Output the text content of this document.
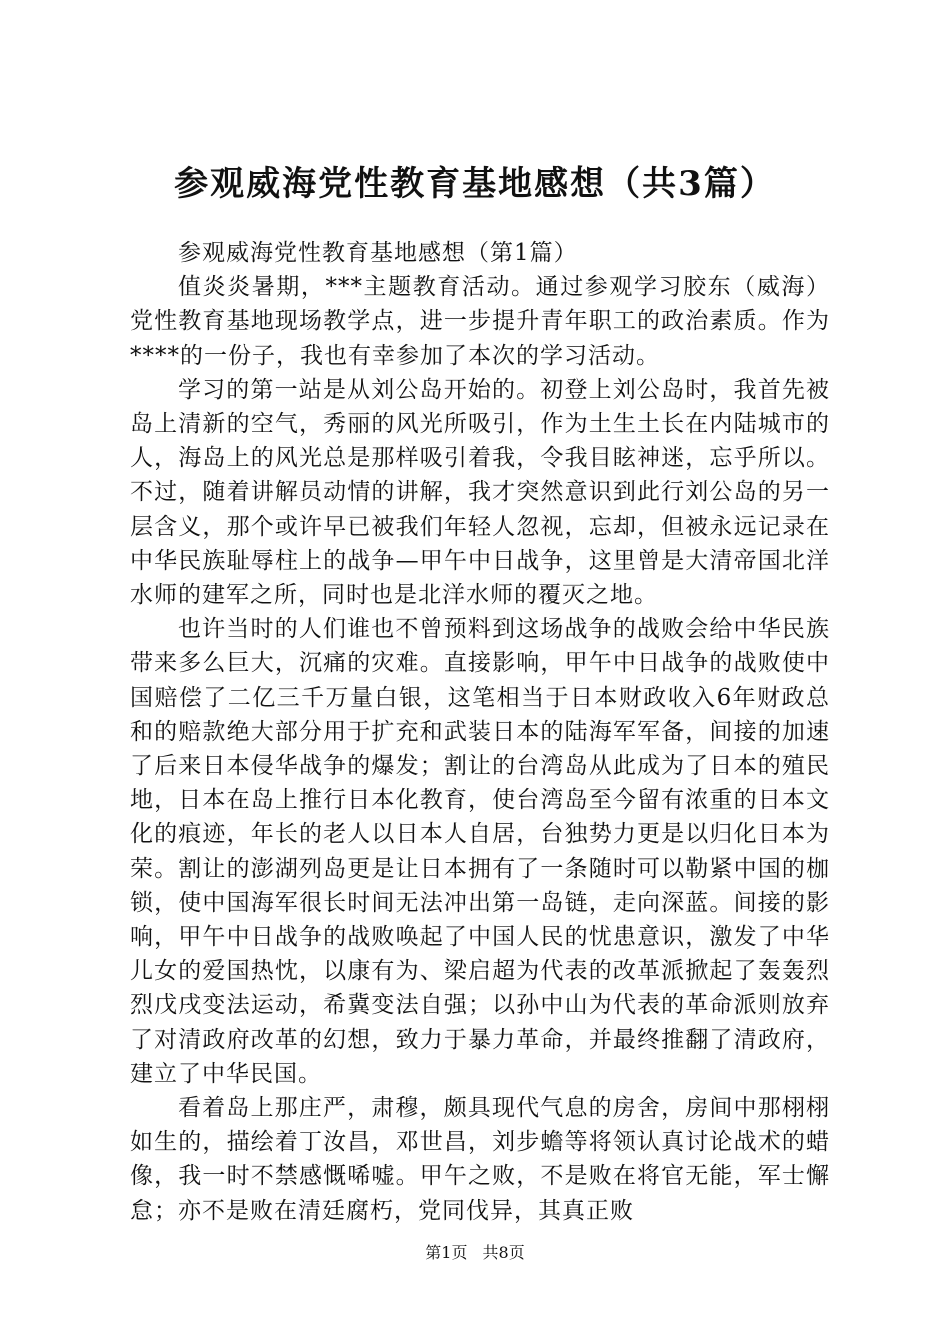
参观威海党性教育基地感想（共3篇）

参观威海党性教育基地感想（第1篇）

值炎炎暑期，***主题教育活动。通过参观学习胶东（威海）党性教育基地现场教学点，进一步提升青年职工的政治素质。作为****的一份子，我也有幸参加了本次的学习活动。

学习的第一站是从刘公岛开始的。初登上刘公岛时，我首先被岛上清新的空气，秀丽的风光所吸引，作为土生土长在内陆城市的人，海岛上的风光总是那样吸引着我，令我目眩神迷，忘乎所以。不过，随着讲解员动情的讲解，我才突然意识到此行刘公岛的另一层含义，那个或许早已被我们年轻人忽视，忘却，但被永远记录在中华民族耻辱柱上的战争—甲午中日战争，这里曾是大清帝国北洋水师的建军之所，同时也是北洋水师的覆灭之地。

也许当时的人们谁也不曾预料到这场战争的战败会给中华民族带来多么巨大，沉痛的灾难。直接影响，甲午中日战争的战败使中国赔偿了二亿三千万量白银，这笔相当于日本财政收入6年财政总和的赔款绝大部分用于扩充和武装日本的陆海军军备，间接的加速了后来日本侵华战争的爆发；割让的台湾岛从此成为了日本的殖民地，日本在岛上推行日本化教育，使台湾岛至今留有浓重的日本文化的痕迹，年长的老人以日本人自居，台独势力更是以归化日本为荣。割让的澎湖列岛更是让日本拥有了一条随时可以勒紧中国的枷锁，使中国海军很长时间无法冲出第一岛链，走向深蓝。间接的影响，甲午中日战争的战败唤起了中国人民的忧患意识，激发了中华儿女的爱国热忱，以康有为、梁启超为代表的改革派掀起了轰轰烈烈戊戌变法运动，希冀变法自强；以孙中山为代表的革命派则放弃了对清政府改革的幻想，致力于暴力革命，并最终推翻了清政府，建立了中华民国。

看着岛上那庄严，肃穆，颇具现代气息的房舍，房间中那栩栩如生的，描绘着丁汝昌，邓世昌，刘步蟾等将领认真讨论战术的蜡像，我一时不禁感慨唏嘘。甲午之败，不是败在将官无能，军士懈怠；亦不是败在清廷腐朽，党同伐异，其真正败

第1页 共8页
